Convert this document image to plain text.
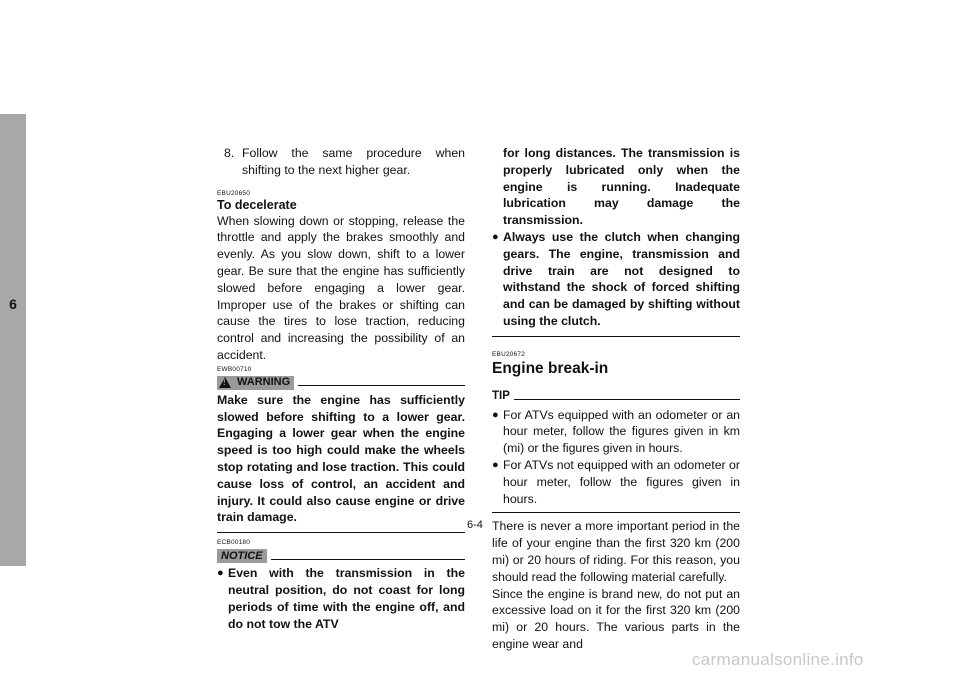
6
8. Follow the same procedure when shifting to the next higher gear.
EBU20650
To decelerate

When slowing down or stopping, release the throttle and apply the brakes smoothly and evenly. As you slow down, shift to a lower gear. Be sure that the engine has sufficiently slowed before engaging a lower gear. Improper use of the brakes or shifting can cause the tires to lose traction, reducing control and increasing the possibility of an accident.

EWB00710
!
WARNING

Make sure the engine has sufficiently slowed before shifting to a lower gear. Engaging a lower gear when the engine speed is too high could make the wheels stop rotating and lose traction. This could cause loss of control, an accident and injury. It could also cause engine or drive train damage.

ECB00180
NOTICE
● Even with the transmission in the neutral position, do not coast for long periods of time with the engine off, and do not tow the ATV
for long distances. The transmission is properly lubricated only when the engine is running. Inadequate lubrication may damage the transmission.
● Always use the clutch when changing gears. The engine, transmission and drive train are not designed to withstand the shock of forced shifting and can be damaged by shifting without using the clutch.
EBU20672
Engine break-in
TIP
● For ATVs equipped with an odometer or an hour meter, follow the figures given in km (mi) or the figures given in hours.
● For ATVs not equipped with an odometer or hour meter, follow the figures given in hours.

There is never a more important period in the life of your engine than the first 320 km (200 mi) or 20 hours of riding. For this reason, you should read the following material carefully.

Since the engine is brand new, do not put an excessive load on it for the first 320 km (200 mi) or 20 hours. The various parts in the engine wear and

6-4
carmanualsonline.info
